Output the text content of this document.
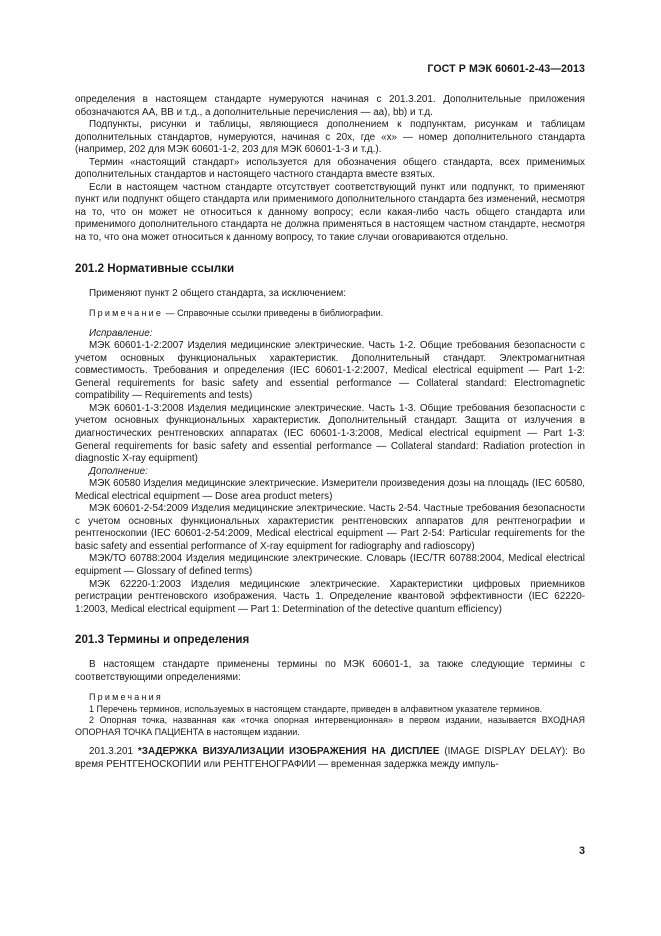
ГОСТ Р МЭК 60601-2-43—2013

определения в настоящем стандарте нумеруются начиная с 201.3.201. Дополнительные приложения обозначаются АА, ВВ и т.д., а дополнительные перечисления — аа), bb) и т.д.

Подпункты, рисунки и таблицы, являющиеся дополнением к подпунктам, рисункам и таблицам дополнительных стандартов, нумеруются, начиная с 20х, где «х» — номер дополнительного стандарта (например, 202 для МЭК 60601-1-2, 203 для МЭК 60601-1-3 и т.д.).

Термин «настоящий стандарт» используется для обозначения общего стандарта, всех применимых дополнительных стандартов и настоящего частного стандарта вместе взятых.

Если в настоящем частном стандарте отсутствует соответствующий пункт или подпункт, то применяют пункт или подпункт общего стандарта или применимого дополнительного стандарта без изменений, несмотря на то, что он может не относиться к данному вопросу; если какая-либо часть общего стандарта или применимого дополнительного стандарта не должна применяться в настоящем частном стандарте, несмотря на то, что она может относиться к данному вопросу, то такие случаи оговариваются отдельно.

201.2 Нормативные ссылки

Применяют пункт 2 общего стандарта, за исключением:

Примечание — Справочные ссылки приведены в библиографии.

Исправление:

МЭК 60601-1-2:2007 Изделия медицинские электрические. Часть 1-2. Общие требования безопасности с учетом основных функциональных характеристик. Дополнительный стандарт. Электромагнитная совместимость. Требования и определения (IEC 60601-1-2:2007, Medical electrical equipment — Part 1-2: General requirements for basic safety and essential performance — Collateral standard: Electromagnetic compatibility — Requirements and tests)

МЭК 60601-1-3:2008 Изделия медицинские электрические. Часть 1-3. Общие требования безопасности с учетом основных функциональных характеристик. Дополнительный стандарт. Защита от излучения в диагностических рентгеновских аппаратах (IEC 60601-1-3:2008, Medical electrical equipment — Part 1-3: General requirements for basic safety and essential performance — Collateral standard: Radiation protection in diagnostic X-ray equipment)

Дополнение:

МЭК 60580 Изделия медицинские электрические. Измерители произведения дозы на площадь (IEC 60580, Medical electrical equipment — Dose area product meters)

МЭК 60601-2-54:2009 Изделия медицинские электрические. Часть 2-54. Частные требования безопасности с учетом основных функциональных характеристик рентгеновских аппаратов для рентгенографии и рентгеноскопии (IEC 60601-2-54:2009, Medical electrical equipment — Part 2-54: Particular requirements for the basic safety and essential performance of X-ray equipment for radiography and radioscopy)

МЭК/ТО 60788:2004 Изделия медицинские электрические. Словарь (IEC/TR 60788:2004, Medical electrical equipment — Glossary of defined terms)

МЭК 62220-1:2003 Изделия медицинские электрические. Характеристики цифровых приемников регистрации рентгеновского изображения. Часть 1. Определение квантовой эффективности (IEC 62220-1:2003, Medical electrical equipment — Part 1: Determination of the detective quantum efficiency)

201.3 Термины и определения

В настоящем стандарте применены термины по МЭК 60601-1, за также следующие термины с соответствующими определениями:

Примечания

1 Перечень терминов, используемых в настоящем стандарте, приведен в алфавитном указателе терминов.

2 Опорная точка, названная как «точка опорная интервенционная» в первом издании, называется ВХОДНАЯ ОПОРНАЯ ТОЧКА ПАЦИЕНТА в настоящем издании.

201.3.201 *ЗАДЕРЖКА ВИЗУАЛИЗАЦИИ ИЗОБРАЖЕНИЯ НА ДИСПЛЕЕ (IMAGE DISPLAY DELAY): Во время РЕНТГЕНОСКОПИИ или РЕНТГЕНОГРАФИИ — временная задержка между импуль-

3
